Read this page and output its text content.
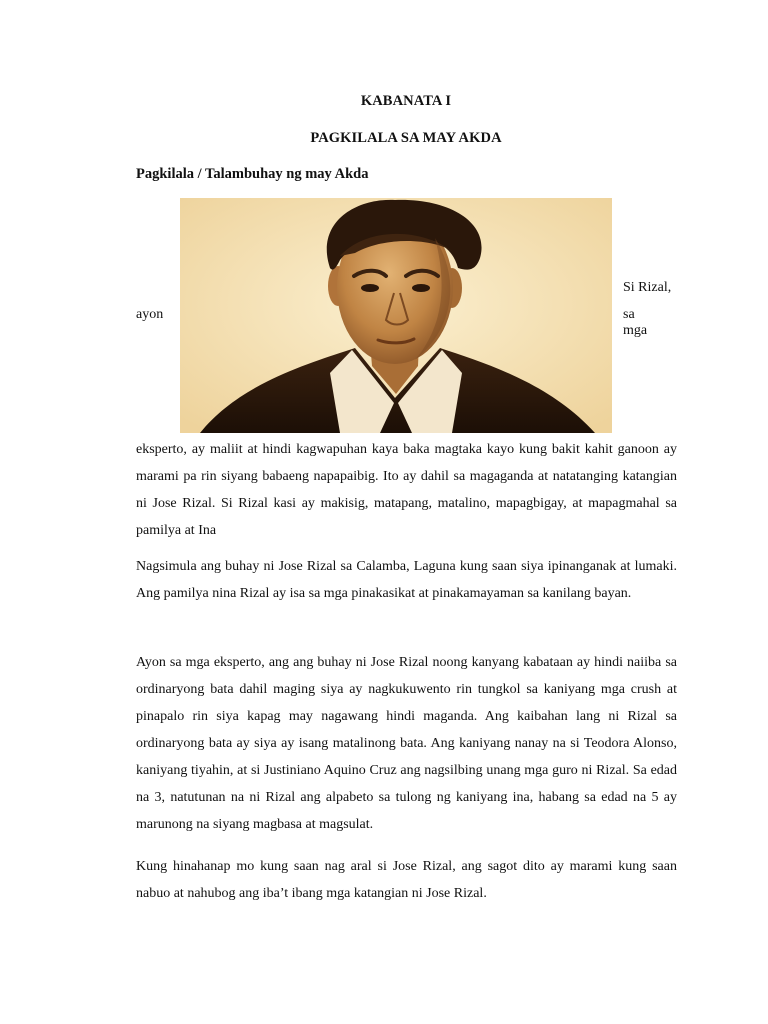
KABANATA I
PAGKILALA SA MAY AKDA
Pagkilala / Talambuhay ng may Akda
Si Rizal,
ayon	sa mga

eksperto, ay maliit at hindi kagwapuhan kaya baka magtaka kayo kung bakit kahit ganoon ay marami pa rin siyang babaeng napapaibig. Ito ay dahil sa magaganda at natatanging katangian ni Jose Rizal. Si Rizal kasi ay makisig, matapang, matalino, mapagbigay, at mapagmahal sa pamilya at Ina

Nagsimula ang buhay ni Jose Rizal sa Calamba, Laguna kung saan siya ipinanganak at lumaki. Ang pamilya nina Rizal ay isa sa mga pinakasikat at pinakamayaman sa kanilang bayan.

Ayon sa mga eksperto, ang ang buhay ni Jose Rizal noong kanyang kabataan ay hindi naiiba sa ordinaryong bata dahil maging siya ay nagkukuwento rin tungkol sa kaniyang mga crush at pinapalo rin siya kapag may nagawang hindi maganda. Ang kaibahan lang ni Rizal sa ordinaryong bata ay siya ay isang matalinong bata. Ang kaniyang nanay na si Teodora Alonso, kaniyang tiyahin, at si Justiniano Aquino Cruz ang nagsilbing unang mga guro ni Rizal. Sa edad na 3, natutunan na ni Rizal ang alpabeto sa tulong ng kaniyang ina, habang sa edad na 5 ay marunong na siyang magbasa at magsulat.

Kung hinahanap mo kung saan nag aral si Jose Rizal, ang sagot dito ay marami kung saan nabuo at nahubog ang iba’t ibang mga katangian ni Jose Rizal.
